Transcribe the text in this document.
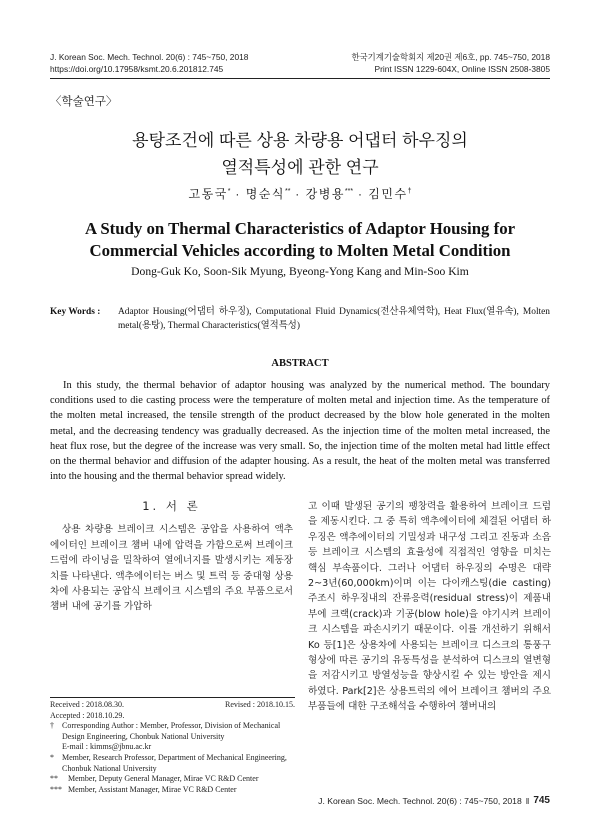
J. Korean Soc. Mech. Technol. 20(6) : 745~750, 2018
https://doi.org/10.17958/ksmt.20.6.201812.745
한국기계기술학회지 제20권 제6호, pp. 745~750, 2018
Print ISSN 1229-604X, Online ISSN 2508-3805
〈학술연구〉
용탕조건에 따른 상용 차량용 어댑터 하우징의
열적특성에 관한 연구
고동국* · 명순식** · 강병용*** · 김민수†
A Study on Thermal Characteristics of Adaptor Housing for
Commercial Vehicles according to Molten Metal Condition
Dong-Guk Ko, Soon-Sik Myung, Byeong-Yong Kang and Min-Soo Kim
Key Words : Adaptor Housing(어댑터 하우징), Computational Fluid Dynamics(전산유체역학), Heat Flux(열유속), Molten metal(용탕), Thermal Characteristics(열적특성)
ABSTRACT

In this study, the thermal behavior of adaptor housing was analyzed by the numerical method. The boundary conditions used to die casting process were the temperature of molten metal and injection time. As the temperature of the molten metal increased, the tensile strength of the product decreased by the blow hole generated in the molten metal, and the decreasing tendency was gradually decreased. As the injection time of the molten metal increased, the heat flux rose, but the degree of the increase was very small. So, the injection time of the molten metal had little effect on the thermal behavior and diffusion of the adapter housing. As a result, the heat of the molten metal was transferred into the housing and the thermal behavior spread widely.

1. 서 론

상용 차량용 브레이크 시스템은 공압을 사용하여 액추에이터인 브레이크 챔버 내에 압력을 가함으로써 브레이크 드럼에 라이닝을 밀착하여 열에너지를 발생시키는 제동장치를 나타낸다. 액추에이터는 버스 및 트럭 등 중대형 상용차에 사용되는 공압식 브레이크 시스템의 주요 부품으로서 챔버 내에 공기를 가압하

고 이때 발생된 공기의 팽창력을 활용하여 브레이크 드럼을 제동시킨다. 그 중 특히 액추에이터에 체결된 어댑터 하우징은 액추에이터의 기밀성과 내구성 그리고 진동과 소음 등 브레이크 시스템의 효율성에 직접적인 영향을 미치는 핵심 부속품이다. 그러나 어댑터 하우징의 수명은 대략 2~3년(60,000km)이며 이는 다이캐스팅(die casting) 주조시 하우징내의 잔류응력(residual stress)이 제품내부에 크랙(crack)과 기공(blow hole)을 야기시켜 브레이크 시스템을 파손시키기 때문이다. 이를 개선하기 위해서 Ko 등[1]은 상용차에 사용되는 브레이크 디스크의 통풍구 형상에 따른 공기의 유동특성을 분석하여 디스크의 열변형을 저감시키고 방열성능을 향상시킬 수 있는 방안을 제시하였다. Park[2]은 상용트럭의 에어 브레이크 챔버의 주요 부품들에 대한 구조해석을 수행하여 챔버내의

Received : 2018.08.30.	Revised : 2018.10.15.
Accepted : 2018.10.29.
†	Corresponding Author : Member, Professor, Division of Mechanical Design Engineering, Chonbuk National University
E-mail : kimms@jbnu.ac.kr
*	Member, Research Professor, Department of Mechanical Engineering, Chonbuk National University
**	Member, Deputy General Manager, Mirae VC R&D Center
*** Member, Assistant Manager, Mirae VC R&D Center
J. Korean Soc. Mech. Technol. 20(6) : 745~750, 2018 ‖ 745
